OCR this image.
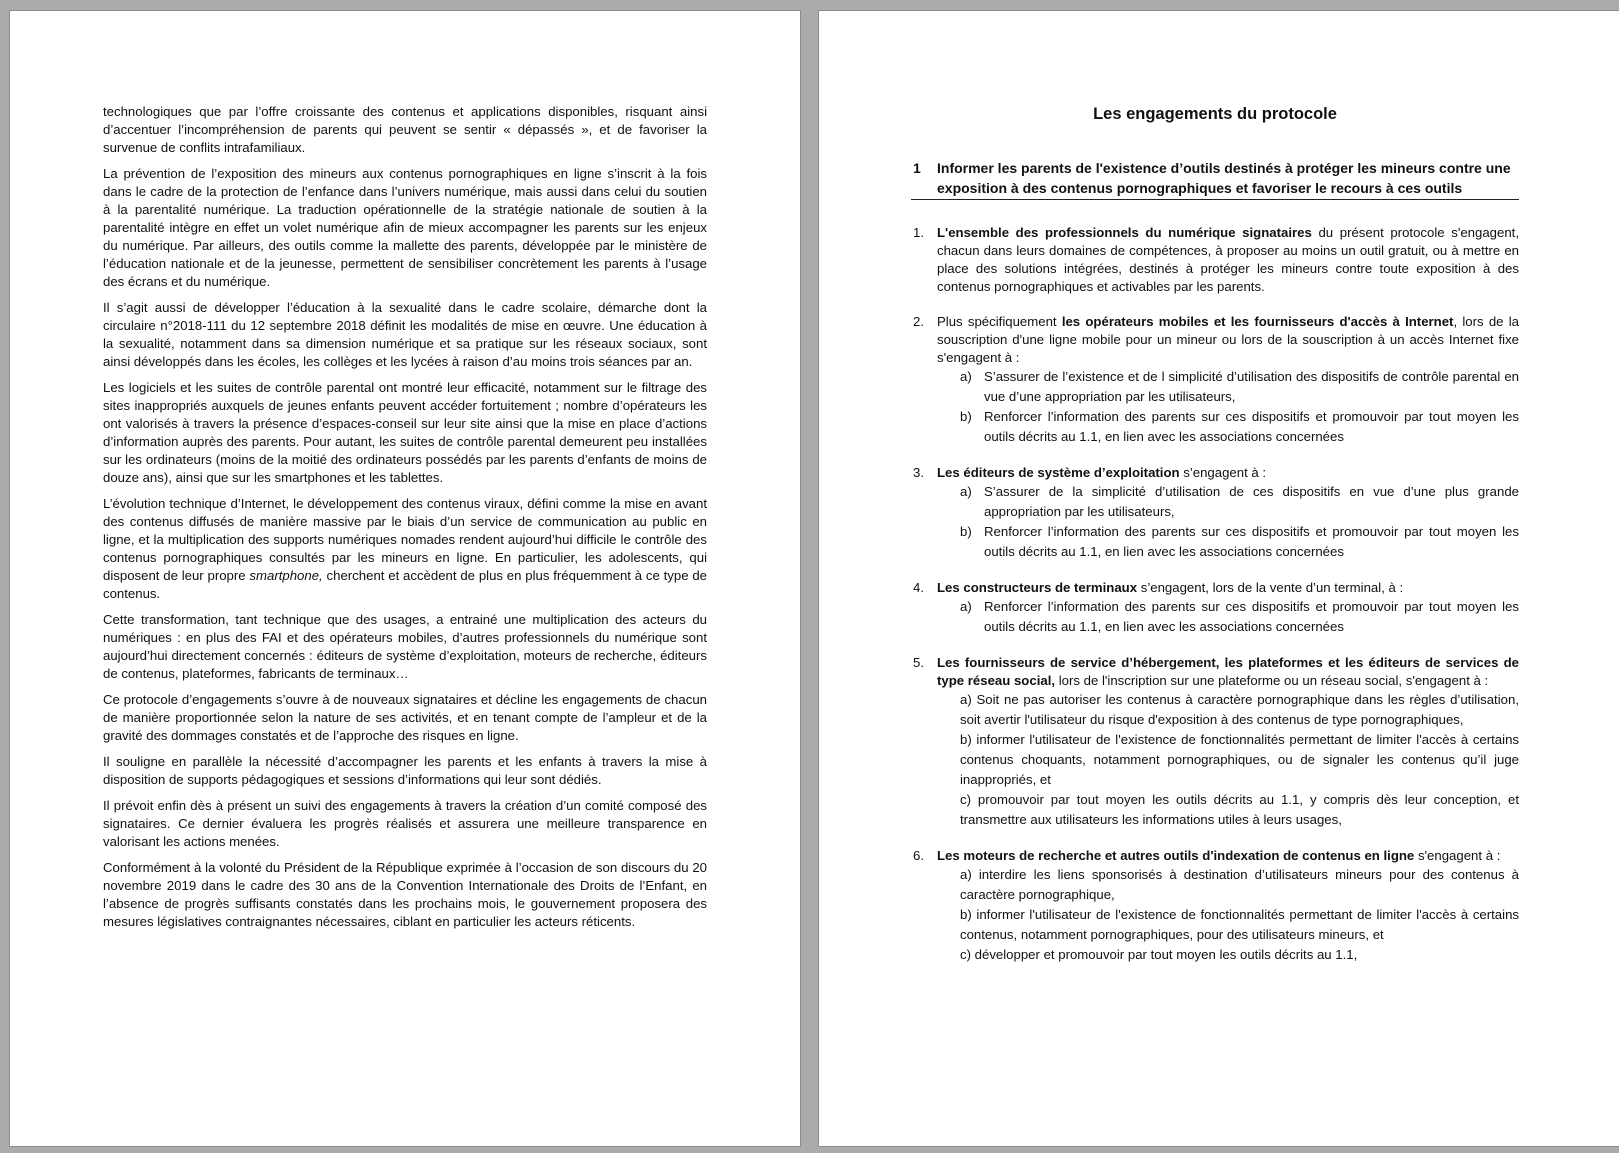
technologiques que par l’offre croissante des contenus et applications disponibles, risquant ainsi d’accentuer l’incompréhension de parents qui peuvent se sentir « dépassés », et de favoriser la survenue de conflits intrafamiliaux.

La prévention de l’exposition des mineurs aux contenus pornographiques en ligne s’inscrit à la fois dans le cadre de la protection de l’enfance dans l’univers numérique, mais aussi dans celui du soutien à la parentalité numérique. La traduction opérationnelle de la stratégie nationale de soutien à la parentalité intègre en effet un volet numérique afin de mieux accompagner les parents sur les enjeux du numérique. Par ailleurs, des outils comme la mallette des parents, développée par le ministère de l’éducation nationale et de la jeunesse, permettent de sensibiliser concrètement les parents à l’usage des écrans et du numérique.

Il s’agit aussi de développer l’éducation à la sexualité dans le cadre scolaire, démarche dont la circulaire n°2018-111 du 12 septembre 2018 définit les modalités de mise en œuvre. Une éducation à la sexualité, notamment dans sa dimension numérique et sa pratique sur les réseaux sociaux, sont ainsi développés dans les écoles, les collèges et les lycées à raison d’au moins trois séances par an.

Les logiciels et les suites de contrôle parental ont montré leur efficacité, notamment sur le filtrage des sites inappropriés auxquels de jeunes enfants peuvent accéder fortuitement ; nombre d’opérateurs les ont valorisés à travers la présence d’espaces-conseil sur leur site ainsi que la mise en place d’actions d’information auprès des parents. Pour autant, les suites de contrôle parental demeurent peu installées sur les ordinateurs (moins de la moitié des ordinateurs possédés par les parents d’enfants de moins de douze ans), ainsi que sur les smartphones et les tablettes.

L’évolution technique d’Internet, le développement des contenus viraux, défini comme la mise en avant des contenus diffusés de manière massive par le biais d’un service de communication au public en ligne, et la multiplication des supports numériques nomades rendent aujourd’hui difficile le contrôle des contenus pornographiques consultés par les mineurs en ligne. En particulier, les adolescents, qui disposent de leur propre smartphone, cherchent et accèdent de plus en plus fréquemment à ce type de contenus.

Cette transformation, tant technique que des usages, a entrainé une multiplication des acteurs du numériques : en plus des FAI et des opérateurs mobiles, d’autres professionnels du numérique sont aujourd’hui directement concernés : éditeurs de système d’exploitation, moteurs de recherche, éditeurs de contenus, plateformes, fabricants de terminaux…

Ce protocole d’engagements s’ouvre à de nouveaux signataires et décline les engagements de chacun de manière proportionnée selon la nature de ses activités, et en tenant compte de l’ampleur et de la gravité des dommages constatés et de l’approche des risques en ligne.

Il souligne en parallèle la nécessité d’accompagner les parents et les enfants à travers la mise à disposition de supports pédagogiques et sessions d’informations qui leur sont dédiés.

Il prévoit enfin dès à présent un suivi des engagements à travers la création d’un comité composé des signataires. Ce dernier évaluera les progrès réalisés et assurera une meilleure transparence en valorisant les actions menées.

Conformément à la volonté du Président de la République exprimée à l’occasion de son discours du 20 novembre 2019 dans le cadre des 30 ans de la Convention Internationale des Droits de l’Enfant, en l’absence de progrès suffisants constatés dans les prochains mois, le gouvernement proposera des mesures législatives contraignantes nécessaires, ciblant en particulier les acteurs réticents.

Les engagements du protocole
1	Informer les parents de l'existence d’outils destinés à protéger les mineurs contre une exposition à des contenus pornographiques et favoriser le recours à ces outils
1. L'ensemble des professionnels du numérique signataires du présent protocole s'engagent, chacun dans leurs domaines de compétences, à proposer au moins un outil gratuit, ou à mettre en place des solutions intégrées, destinés à protéger les mineurs contre toute exposition à des contenus pornographiques et activables par les parents.
2. Plus spécifiquement les opérateurs mobiles et les fournisseurs d'accès à Internet, lors de la souscription d'une ligne mobile pour un mineur ou lors de la souscription à un accès Internet fixe s'engagent à :
a) S’assurer de l’existence et de l simplicité d’utilisation des dispositifs de contrôle parental en vue d’une appropriation par les utilisateurs,
b) Renforcer l’information des parents sur ces dispositifs et promouvoir par tout moyen les outils décrits au 1.1, en lien avec les associations concernées
3. Les éditeurs de système d’exploitation s’engagent à :
a) S’assurer de la simplicité d’utilisation de ces dispositifs en vue d’une plus grande appropriation par les utilisateurs,
b) Renforcer l’information des parents sur ces dispositifs et promouvoir par tout moyen les outils décrits au 1.1, en lien avec les associations concernées
4. Les constructeurs de terminaux s’engagent, lors de la vente d’un terminal, à :
a) Renforcer l’information des parents sur ces dispositifs et promouvoir par tout moyen les outils décrits au 1.1, en lien avec les associations concernées
5. Les fournisseurs de service d’hébergement, les plateformes et les éditeurs de services de type réseau social, lors de l'inscription sur une plateforme ou un réseau social, s'engagent à :
a) Soit ne pas autoriser les contenus à caractère pornographique dans les règles d’utilisation, soit avertir l'utilisateur du risque d'exposition à des contenus de type pornographiques,
b) informer l'utilisateur de l'existence de fonctionnalités permettant de limiter l'accès à certains contenus choquants, notamment pornographiques, ou de signaler les contenus qu’il juge inappropriés, et
c) promouvoir par tout moyen les outils décrits au 1.1, y compris dès leur conception, et transmettre aux utilisateurs les informations utiles à leurs usages,
6. Les moteurs de recherche et autres outils d'indexation de contenus en ligne s'engagent à :
a) interdire les liens sponsorisés à destination d’utilisateurs mineurs pour des contenus à caractère pornographique,
b) informer l'utilisateur de l'existence de fonctionnalités permettant de limiter l'accès à certains contenus, notamment pornographiques, pour des utilisateurs mineurs, et
c) développer et promouvoir par tout moyen les outils décrits au 1.1,
